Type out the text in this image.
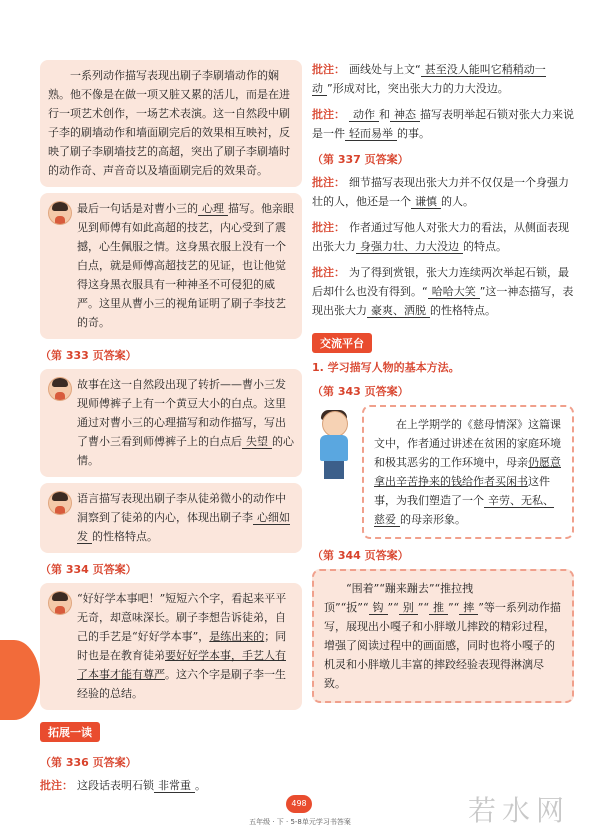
一系列动作描写表现出刷子李刷墙动作的娴熟。他不像是在做一项又脏又累的活儿，而是在进行一项艺术创作，一场艺术表演。这一自然段中刷子李的刷墙动作和墙面刷完后的效果相互映衬，反映了刷子李刷墙技艺的高超，突出了刷子李刷墙时的动作奇、声音奇以及墙面刷完后的效果奇。

最后一句话是对曹小三的 心理 描写。他亲眼见到师傅有如此高超的技艺，内心受到了震撼，心生佩服之情。这身黑衣服上没有一个白点，就是师傅高超技艺的见证，也让他觉得这身黑衣服具有一种神圣不可侵犯的威严。这里从曹小三的视角证明了刷子李技艺的奇。

（第 333 页答案）

故事在这一自然段出现了转折——曹小三发现师傅裤子上有一个黄豆大小的白点。这里通过对曹小三的心理描写和动作描写，写出了曹小三看到师傅裤子上的白点后 失望 的心情。

语言描写表现出刷子李从徒弟微小的动作中洞察到了徒弟的内心，体现出刷子李 心细如发 的性格特点。

（第 334 页答案）

“好好学本事吧！”短短六个字，看起来平平无奇，却意味深长。刷子李想告诉徒弟，自己的手艺是“好好学本事”，是练出来的；同时也是在教育徒弟要好好学本事，手艺人有了本事才能有尊严。这六个字是刷子李一生经验的总结。

拓展一读
（第 336 页答案）
批注： 这段话表明石锁 非常重 。
批注： 画线处与上文“ 甚至没人能叫它稍稍动一动 ”形成对比，突出张大力的力大没边。
批注： 动作 和 神态 描写表明举起石锁对张大力来说是一件 轻而易举 的事。
（第 337 页答案）
批注： 细节描写表现出张大力并不仅仅是一个身强力壮的人，他还是一个 谦慎 的人。
批注： 作者通过写他人对张大力的看法，从侧面表现出张大力 身强力壮、力大没边 的特点。
批注： 为了得到赏银，张大力连续两次举起石锁，最后却什么也没有得到。“ 哈哈大笑 ”这一神态描写，表现出张大力 豪爽、洒脱 的性格特点。
交流平台
1. 学习描写人物的基本方法。
（第 343 页答案）

在上学期学的《慈母情深》这篇课文中，作者通过讲述在贫困的家庭环境和极其恶劣的工作环境中，母亲仍愿意拿出辛苦挣来的钱给作者买闲书这件事，为我们塑造了一个 辛劳、无私、慈爱 的母亲形象。

（第 344 页答案）

“围着”“蹦来蹦去”“推拉拽顶”“扳”“ 钩 ”“ 别 ”“ 推 ”“ 摔 ”等一系列动作描写，展现出小嘎子和小胖墩儿摔跤的精彩过程，增强了阅读过程中的画面感，同时也将小嘎子的机灵和小胖墩儿丰富的摔跤经验表现得淋漓尽致。

498
五年级 · 下 · 5-8单元学习书答案	若水网
